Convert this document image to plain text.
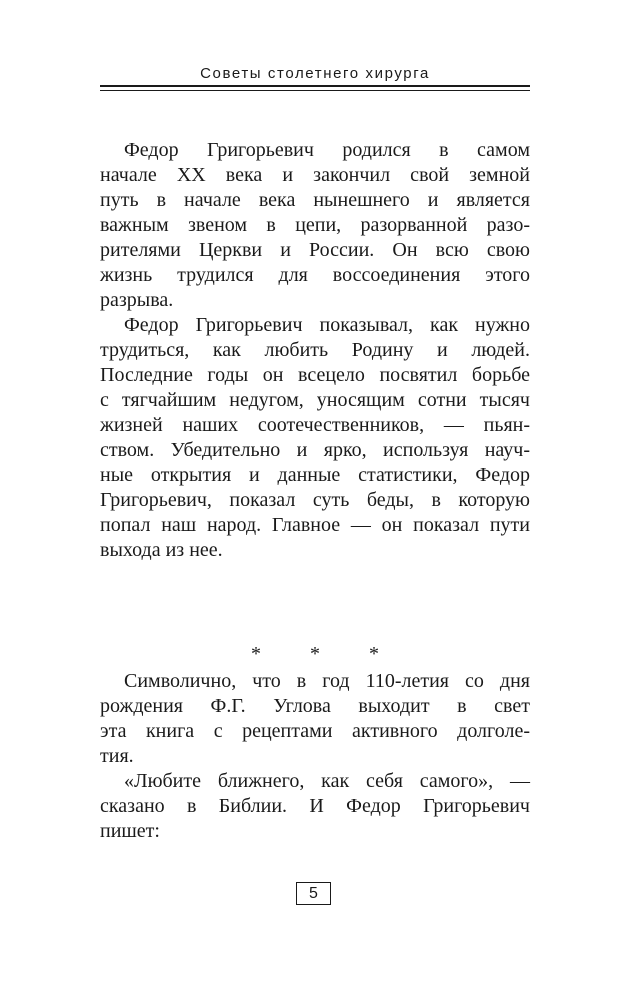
Советы столетнего хирурга
Федор Григорьевич родился в самом
начале XX века и закончил свой земной
путь в начале века нынешнего и является
важным звеном в цепи, разорванной разо-
рителями Церкви и России. Он всю свою
жизнь трудился для воссоединения этого
разрыва.
Федор Григорьевич показывал, как нужно
трудиться, как любить Родину и людей.
Последние годы он всецело посвятил борьбе
с тягчайшим недугом, уносящим сотни тысяч
жизней наших соотечественников, — пьян-
ством. Убедительно и ярко, используя науч-
ные открытия и данные статистики, Федор
Григорьевич, показал суть беды, в которую
попал наш народ. Главное — он показал пути
выхода из нее.
* * *
Символично, что в год 110-летия со дня
рождения Ф.Г. Углова выходит в свет
эта книга с рецептами активного долголе-
тия.
«Любите ближнего, как себя самого», —
сказано в Библии. И Федор Григорьевич
пишет:
5
